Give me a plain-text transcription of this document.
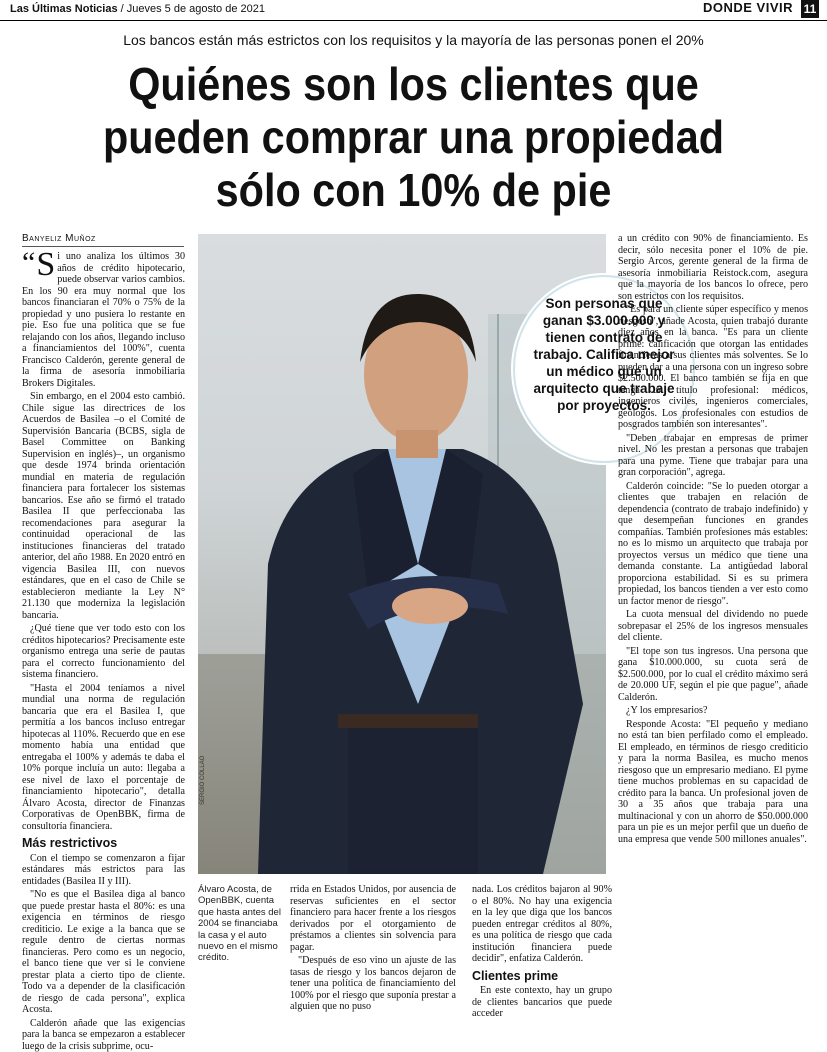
Las Últimas Noticias / Jueves 5 de agosto de 2021	DONDE VIVIR 11
Los bancos están más estrictos con los requisitos y la mayoría de las personas ponen el 20%
Quiénes son los clientes que pueden comprar una propiedad sólo con 10% de pie
Banyeliz Muñoz

“ S i uno analiza los últimos 30 años de crédito hipotecario, puede observar varios cambios. En los 90 era muy normal que los bancos financiaran el 70% o 75% de la propiedad y uno pusiera lo restante en pie. Eso fue una política que se fue relajando con los años, llegando incluso a financiamientos del 100%", cuenta Francisco Calderón, gerente general de la firma de asesoría inmobiliaria Brokers Digitales.

Sin embargo, en el 2004 esto cambió. Chile sigue las directrices de los Acuerdos de Basilea –o el Comité de Supervisión Bancaria (BCBS, sigla de Basel Committee on Banking Supervision en inglés)–, un organismo que desde 1974 brinda orientación mundial en materia de regulación financiera para fortalecer los sistemas bancarios. Ese año se firmó el tratado Basilea II que perfeccionaba las recomendaciones para asegurar la continuidad operacional de las instituciones financieras del tratado anterior, del año 1988. En 2020 entró en vigencia Basilea III, con nuevos estándares, que en el caso de Chile se establecieron mediante la Ley N° 21.130 que moderniza la legislación bancaria.

¿Qué tiene que ver todo esto con los créditos hipotecarios? Precisamente este organismo entrega una serie de pautas para el correcto funcionamiento del sistema financiero.

"Hasta el 2004 teníamos a nivel mundial una norma de regulación bancaria que era el Basilea I, que permitía a los bancos incluso entregar hipotecas al 110%. Recuerdo que en ese momento había una entidad que entregaba el 100% y además te daba el 10% porque incluía un auto: llegaba a ese nivel de laxo el porcentaje de financiamiento hipotecario", detalla Álvaro Acosta, director de Finanzas Corporativas de OpenBBK, firma de consultoría financiera.

Más restrictivos

Con el tiempo se comenzaron a fijar estándares más estrictos para las entidades (Basilea II y III).

"No es que el Basilea diga al banco que puede prestar hasta el 80%: es una exigencia en términos de riesgo crediticio. Le exige a la banca que se regule dentro de ciertas normas financieras. Pero como es un negocio, el banco tiene que ver si le conviene prestar plata a cierto tipo de cliente. Todo va a depender de la clasificación de riesgo de cada persona", explica Acosta.

Calderón añade que las exigencias para la banca se empezaron a establecer luego de la crisis subprime, ocu-

SERGIO COLLAO
Son personas que ganan $3.000.000 y tienen contrato de trabajo. Califica mejor un médico que un arquitecto que trabaje por proyectos.

a un crédito con 90% de financiamiento. Es decir, sólo necesita poner el 10% de pie. Sergio Arcos, gerente general de la firma de asesoría inmobiliaria Reistock.com, asegura que la mayoría de los bancos lo ofrece, pero son estrictos con los requisitos.

"Es para un cliente súper específico y menos riesgoso", añade Acosta, quien trabajó durante diez años en la banca. "Es para un cliente prime: calificación que otorgan las entidades financieras a sus clientes más solventes. Se lo pueden dar a una persona con un ingreso sobre $2.500.000. El banco también se fija en que tenga un título profesional: médicos, ingenieros civiles, ingenieros comerciales, geólogos. Los profesionales con estudios de posgrados también son interesantes".

"Deben trabajar en empresas de primer nivel. No les prestan a personas que trabajen para una pyme. Tiene que trabajar para una gran corporación", agrega.

Calderón coincide: "Se lo pueden otorgar a clientes que trabajen en relación de dependencia (contrato de trabajo indefinido) y que desempeñan funciones en grandes compañías. También profesiones más estables: no es lo mismo un arquitecto que trabaja por proyectos versus un médico que tiene una demanda constante. La antigüedad laboral proporciona estabilidad. Si es su primera propiedad, los bancos tienden a ver esto como un factor menor de riesgo".

La cuota mensual del dividendo no puede sobrepasar el 25% de los ingresos mensuales del cliente.

"El tope son tus ingresos. Una persona que gana $10.000.000, su cuota será de $2.500.000, por lo cual el crédito máximo será de 20.000 UF, según el pie que pague", añade Calderón.

¿Y los empresarios?

Responde Acosta: "El pequeño y mediano no está tan bien perfilado como el empleado. El empleado, en términos de riesgo crediticio y para la norma Basilea, es mucho menos riesgoso que un empresario mediano. El pyme tiene muchos problemas en su capacidad de crédito para la banca. Un profesional joven de 30 a 35 años que trabaja para una multinacional y con un ahorro de $50.000.000 para un pie es un mejor perfil que un dueño de una empresa que vende 500 millones anuales".

Álvaro Acosta, de OpenBBK, cuenta que hasta antes del 2004 se financiaba la casa y el auto nuevo en el mismo crédito.

rrida en Estados Unidos, por ausencia de reservas suficientes en el sector financiero para hacer frente a los riesgos derivados por el otorgamiento de préstamos a clientes sin solvencia para pagar.

"Después de eso vino un ajuste de las tasas de riesgo y los bancos dejaron de tener una política de financiamiento del 100% por el riesgo que suponía prestar a alguien que no puso

nada. Los créditos bajaron al 90% o el 80%. No hay una exigencia en la ley que diga que los bancos pueden entregar créditos al 80%, es una política de riesgo que cada institución financiera puede decidir", enfatiza Calderón.

Clientes prime

En este contexto, hay un grupo de clientes bancarios que puede acceder
